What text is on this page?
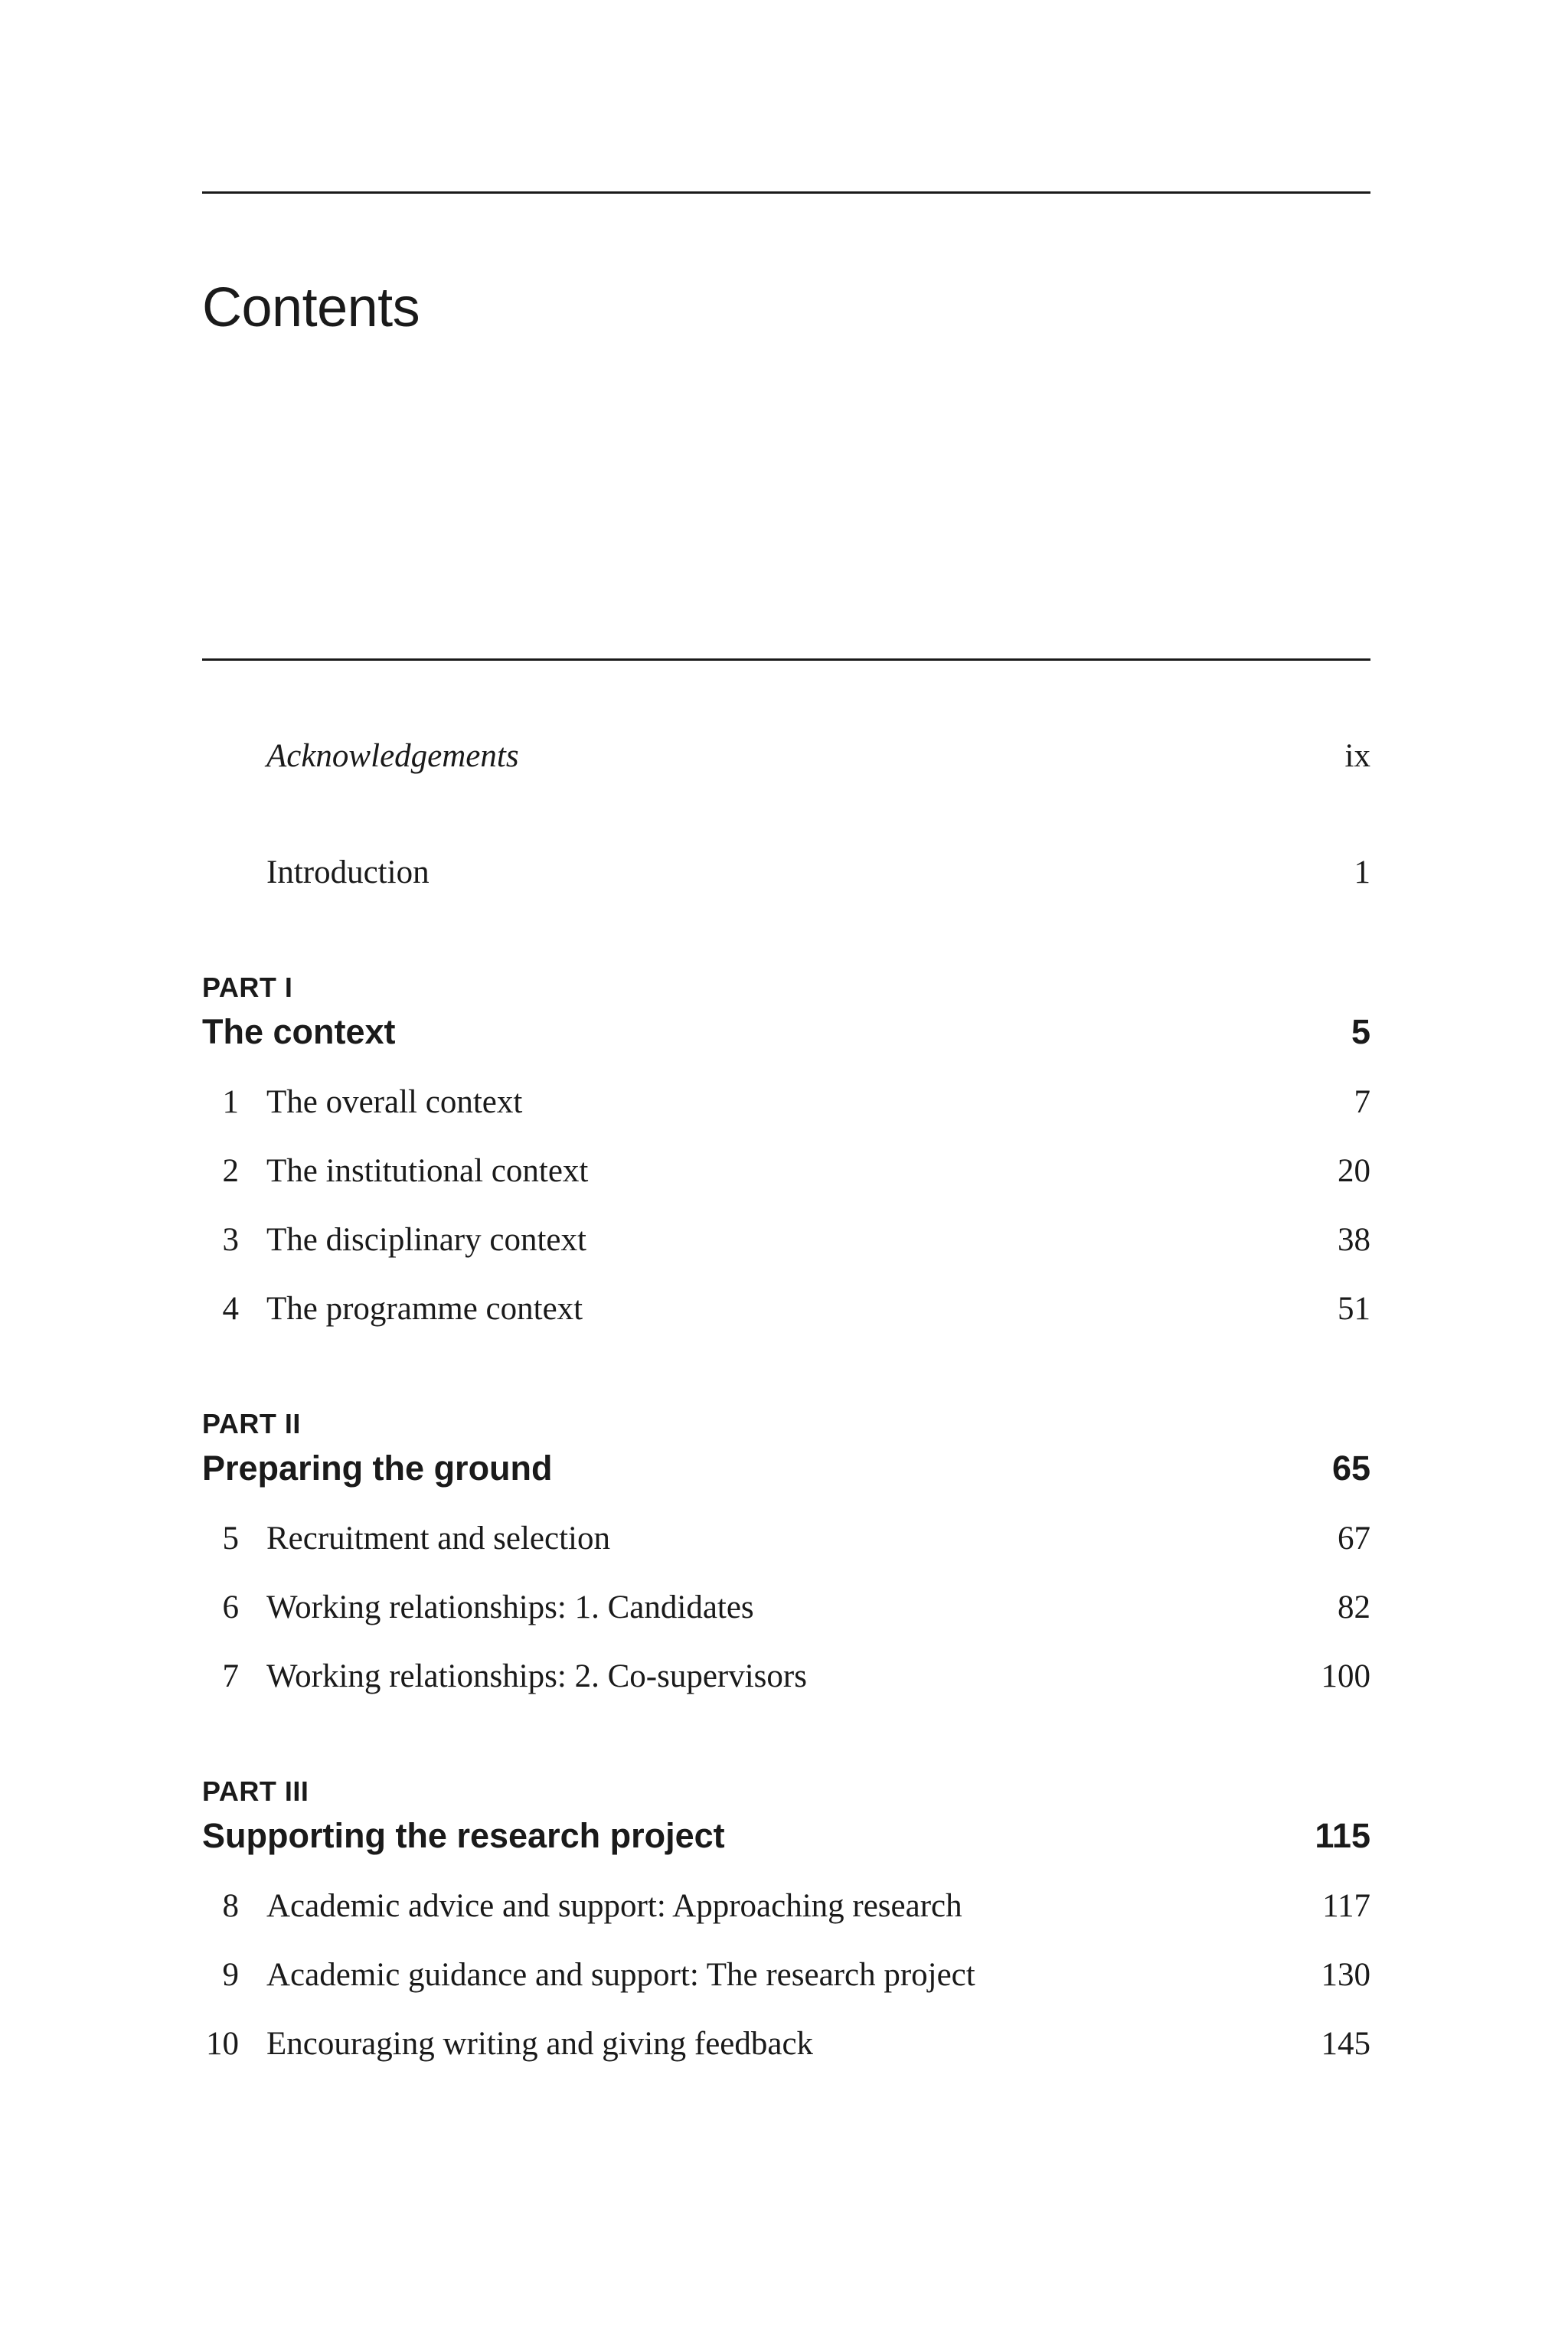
Contents
Acknowledgements	ix
Introduction	1
PART I
The context	5
1 The overall context	7
2 The institutional context	20
3 The disciplinary context	38
4 The programme context	51
PART II
Preparing the ground	65
5 Recruitment and selection	67
6 Working relationships: 1. Candidates	82
7 Working relationships: 2. Co-supervisors	100
PART III
Supporting the research project	115
8 Academic advice and support: Approaching research	117
9 Academic guidance and support: The research project	130
10 Encouraging writing and giving feedback	145
